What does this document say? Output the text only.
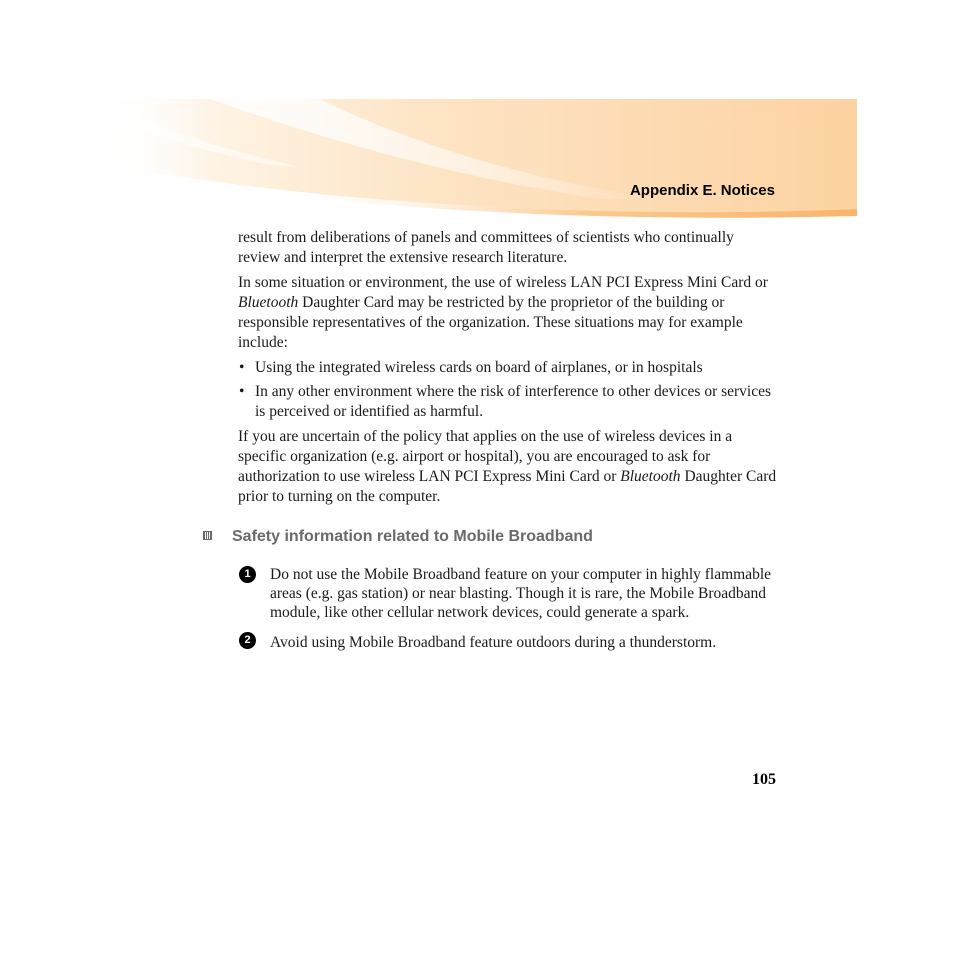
Appendix E. Notices

result from deliberations of panels and committees of scientists who continually review and interpret the extensive research literature.

In some situation or environment, the use of wireless LAN PCI Express Mini Card or Bluetooth Daughter Card may be restricted by the proprietor of the building or responsible representatives of the organization. These situations may for example include:

• Using the integrated wireless cards on board of airplanes, or in hospitals
• In any other environment where the risk of interference to other devices or services is perceived or identified as harmful.

If you are uncertain of the policy that applies on the use of wireless devices in a specific organization (e.g. airport or hospital), you are encouraged to ask for authorization to use wireless LAN PCI Express Mini Card or Bluetooth Daughter Card prior to turning on the computer.

Safety information related to Mobile Broadband
1	Do not use the Mobile Broadband feature on your computer in highly flammable areas (e.g. gas station) or near blasting. Though it is rare, the Mobile Broadband module, like other cellular network devices, could generate a spark.
2	Avoid using Mobile Broadband feature outdoors during a thunderstorm.
105
